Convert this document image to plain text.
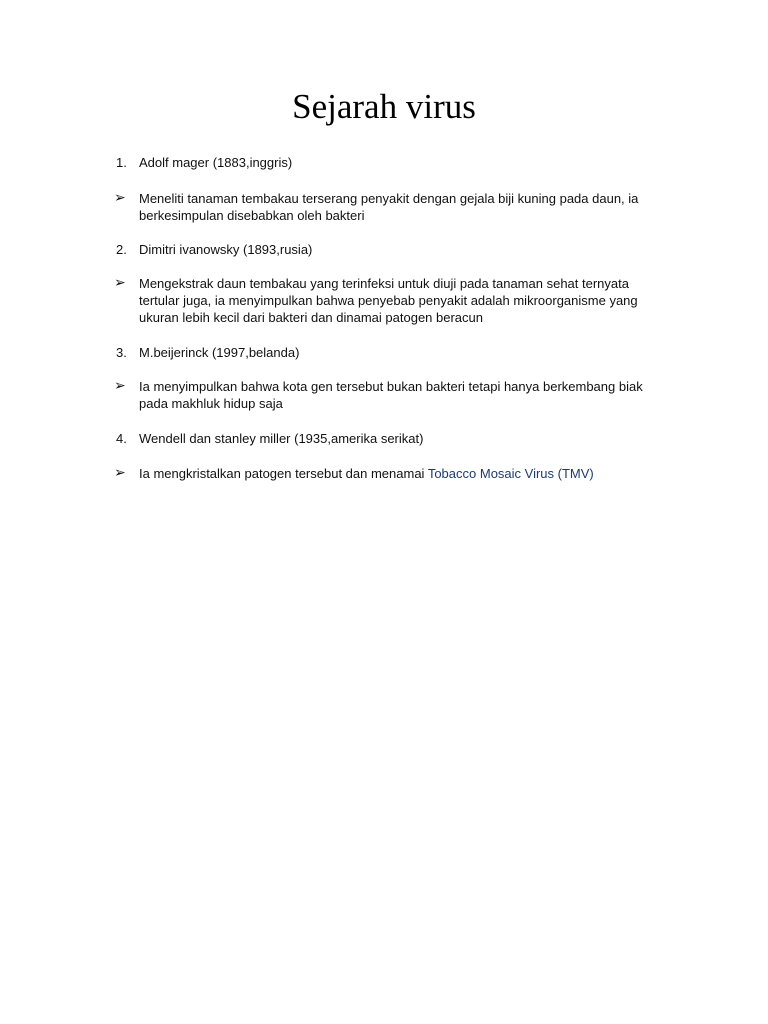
Sejarah virus
1. Adolf mager (1883,inggris)
➢	Meneliti tanaman tembakau terserang penyakit dengan gejala biji kuning pada daun, ia
berkesimpulan disebabkan oleh bakteri
2. Dimitri ivanowsky (1893,rusia)
➢	Mengekstrak daun tembakau yang terinfeksi untuk diuji pada tanaman sehat ternyata
tertular juga, ia menyimpulkan bahwa penyebab penyakit adalah mikroorganisme yang
ukuran lebih kecil dari bakteri dan dinamai patogen beracun
3. M.beijerinck (1997,belanda)
➢	Ia menyimpulkan bahwa kota gen tersebut bukan bakteri tetapi hanya berkembang biak
pada makhluk hidup saja
4. Wendell dan stanley miller (1935,amerika serikat)
➢	Ia mengkristalkan patogen tersebut dan menamai Tobacco Mosaic Virus (TMV)
